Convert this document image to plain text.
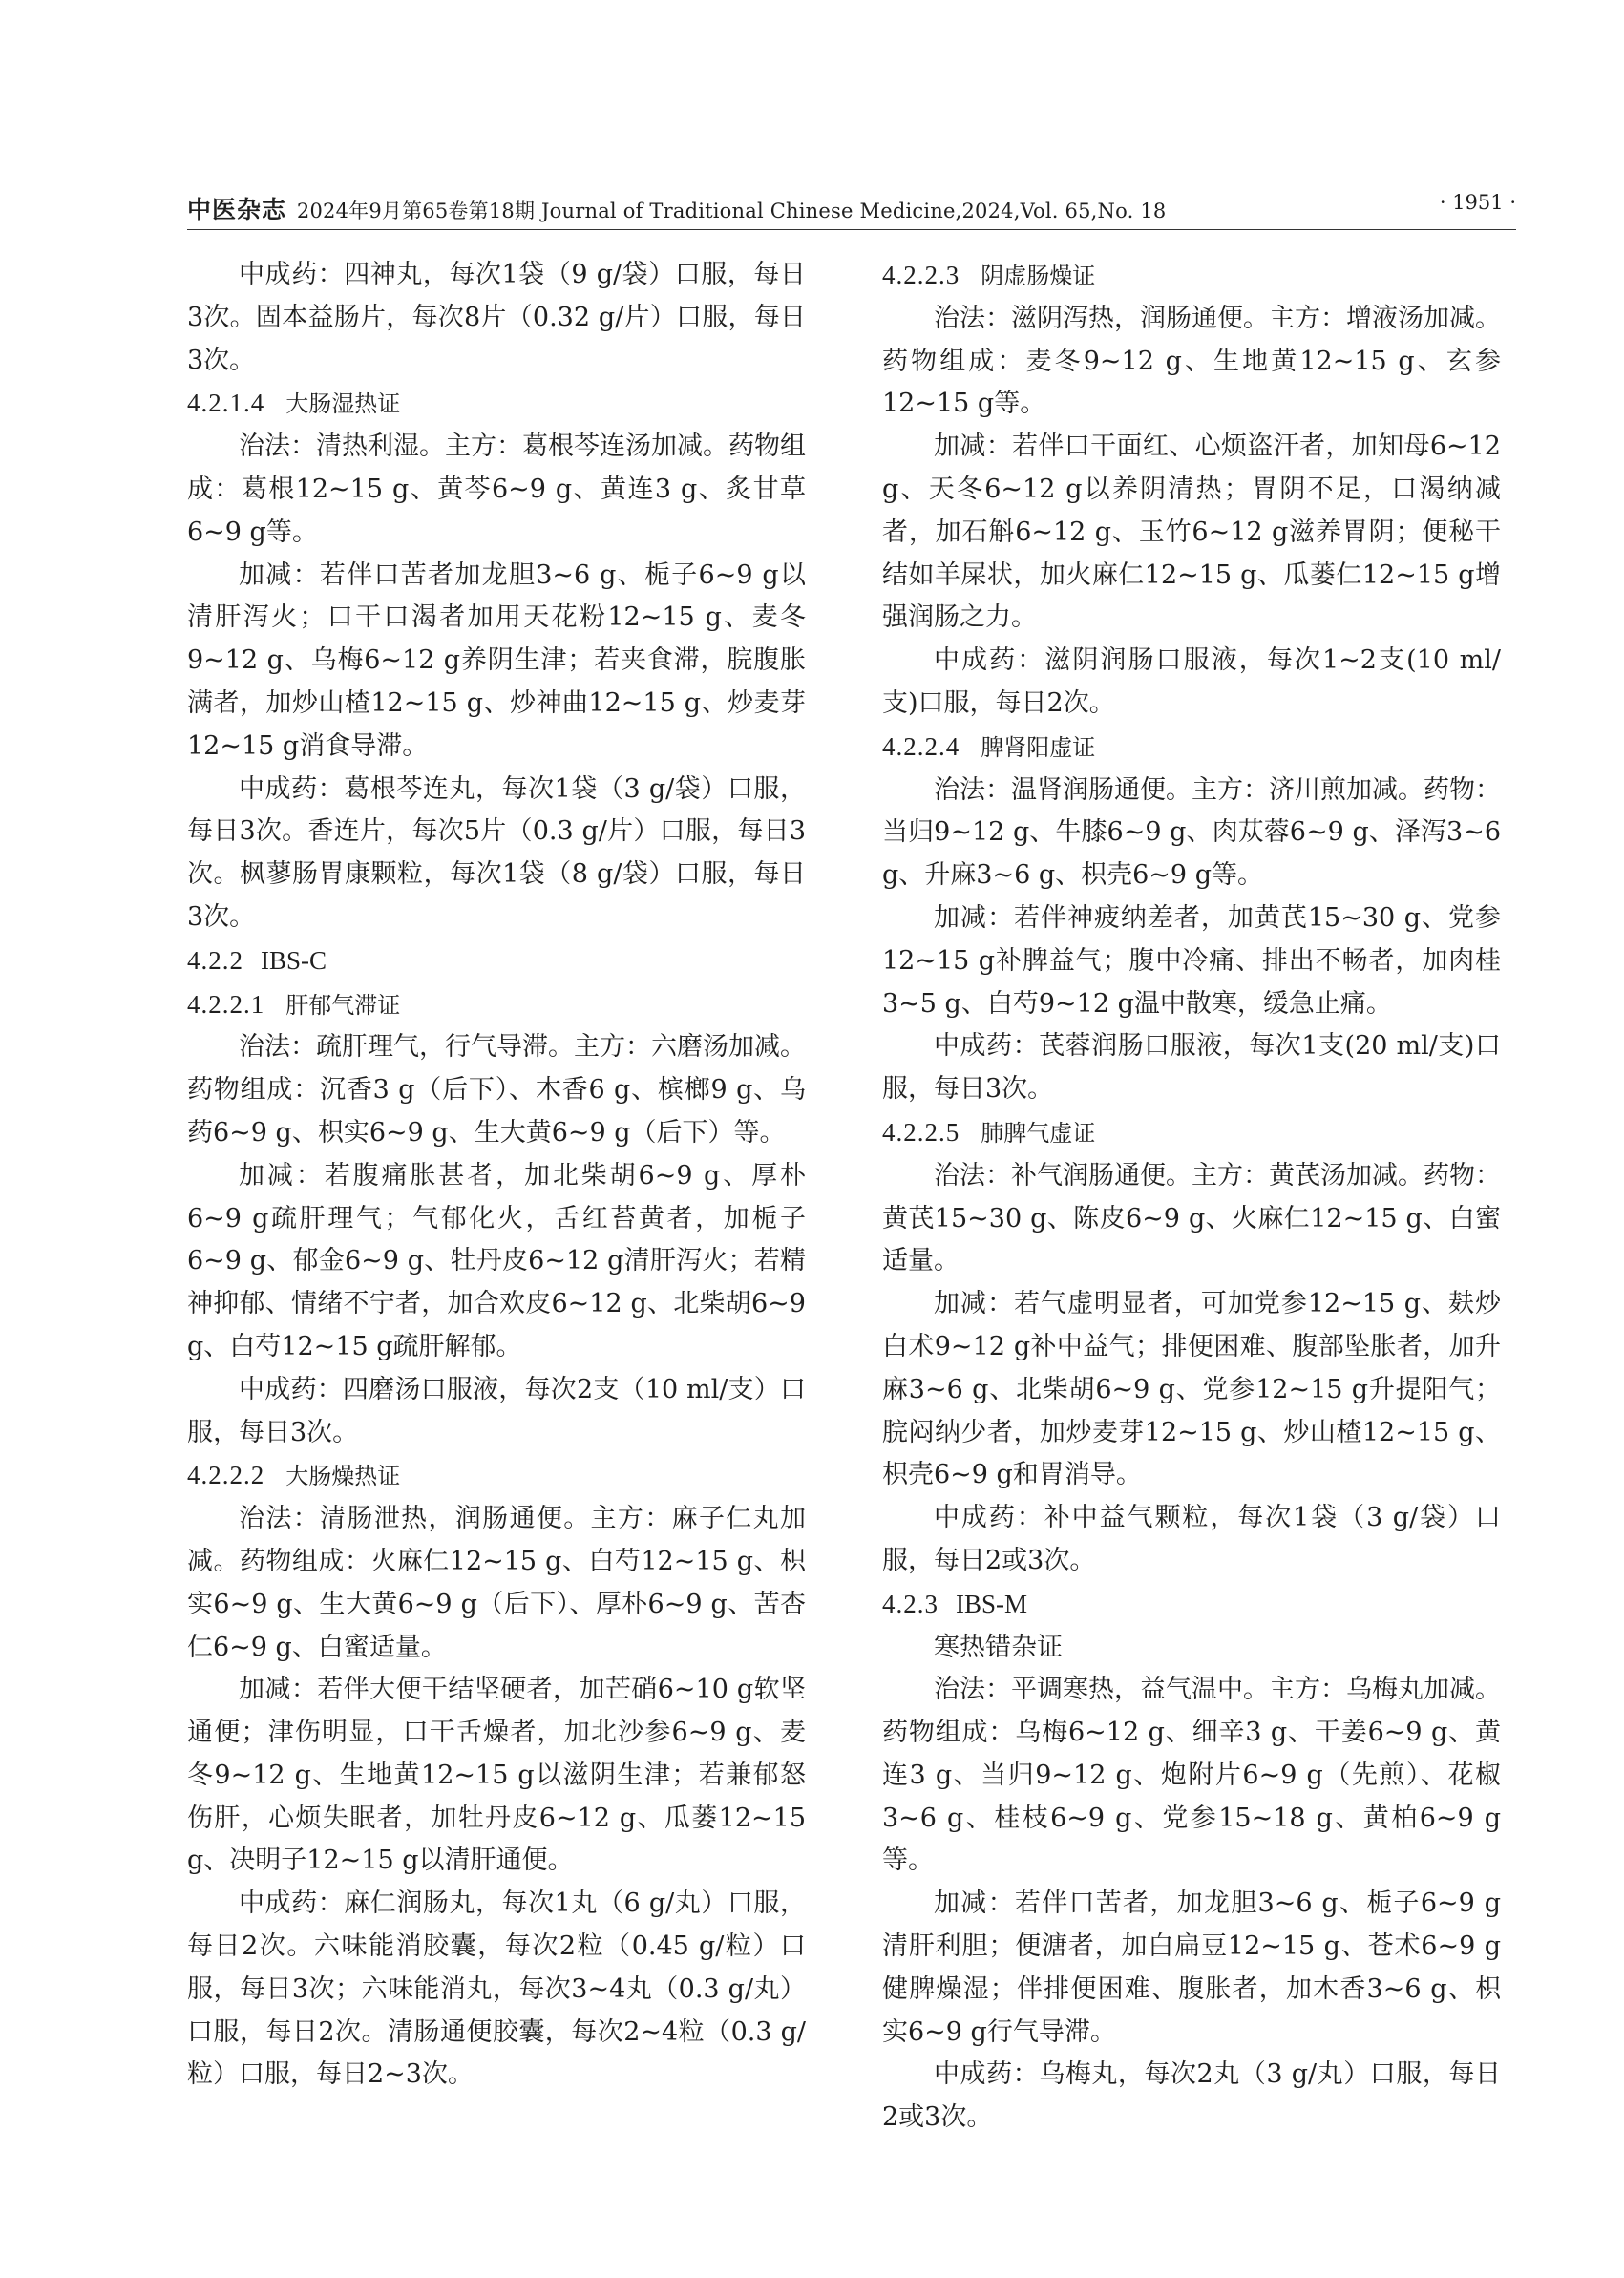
中医杂志 2024年9月第65卷第18期 Journal of Traditional Chinese Medicine,2024,Vol. 65,No. 18	· 1951 ·

中成药：四神丸，每次1袋（9 g/袋）口服，每日3次。固本益肠片，每次8片（0.32 g/片）口服，每日3次。

4.2.1.4 大肠湿热证

治法：清热利湿。主方：葛根芩连汤加减。药物组成：葛根12~15 g、黄芩6~9 g、黄连3 g、炙甘草6~9 g等。

加减：若伴口苦者加龙胆3~6 g、栀子6~9 g以清肝泻火；口干口渴者加用天花粉12~15 g、麦冬9~12 g、乌梅6~12 g养阴生津；若夹食滞，脘腹胀满者，加炒山楂12~15 g、炒神曲12~15 g、炒麦芽12~15 g消食导滞。

中成药：葛根芩连丸，每次1袋（3 g/袋）口服，每日3次。香连片，每次5片（0.3 g/片）口服，每日3次。枫蓼肠胃康颗粒，每次1袋（8 g/袋）口服，每日3次。

4.2.2 IBS-C
4.2.2.1 肝郁气滞证

治法：疏肝理气，行气导滞。主方：六磨汤加减。药物组成：沉香3 g（后下）、木香6 g、槟榔9 g、乌药6~9 g、枳实6~9 g、生大黄6~9 g（后下）等。

加减：若腹痛胀甚者，加北柴胡6~9 g、厚朴6~9 g疏肝理气；气郁化火，舌红苔黄者，加栀子6~9 g、郁金6~9 g、牡丹皮6~12 g清肝泻火；若精神抑郁、情绪不宁者，加合欢皮6~12 g、北柴胡6~9 g、白芍12~15 g疏肝解郁。

中成药：四磨汤口服液，每次2支（10 ml/支）口服，每日3次。

4.2.2.2 大肠燥热证

治法：清肠泄热，润肠通便。主方：麻子仁丸加减。药物组成：火麻仁12~15 g、白芍12~15 g、枳实6~9 g、生大黄6~9 g（后下）、厚朴6~9 g、苦杏仁6~9 g、白蜜适量。

加减：若伴大便干结坚硬者，加芒硝6~10 g软坚通便；津伤明显，口干舌燥者，加北沙参6~9 g、麦冬9~12 g、生地黄12~15 g以滋阴生津；若兼郁怒伤肝，心烦失眠者，加牡丹皮6~12 g、瓜蒌12~15 g、决明子12~15 g以清肝通便。

中成药：麻仁润肠丸，每次1丸（6 g/丸）口服，每日2次。六味能消胶囊，每次2粒（0.45 g/粒）口服，每日3次；六味能消丸，每次3~4丸（0.3 g/丸）口服，每日2次。清肠通便胶囊，每次2~4粒（0.3 g/粒）口服，每日2~3次。

4.2.2.3 阴虚肠燥证

治法：滋阴泻热，润肠通便。主方：增液汤加减。药物组成：麦冬9~12 g、生地黄12~15 g、玄参12~15 g等。

加减：若伴口干面红、心烦盗汗者，加知母6~12 g、天冬6~12 g以养阴清热；胃阴不足，口渴纳减者，加石斛6~12 g、玉竹6~12 g滋养胃阴；便秘干结如羊屎状，加火麻仁12~15 g、瓜蒌仁12~15 g增强润肠之力。

中成药：滋阴润肠口服液，每次1~2支(10 ml/支)口服，每日2次。

4.2.2.4 脾肾阳虚证

治法：温肾润肠通便。主方：济川煎加减。药物：当归9~12 g、牛膝6~9 g、肉苁蓉6~9 g、泽泻3~6 g、升麻3~6 g、枳壳6~9 g等。

加减：若伴神疲纳差者，加黄芪15~30 g、党参12~15 g补脾益气；腹中冷痛、排出不畅者，加肉桂3~5 g、白芍9~12 g温中散寒，缓急止痛。

中成药：芪蓉润肠口服液，每次1支(20 ml/支)口服，每日3次。

4.2.2.5 肺脾气虚证

治法：补气润肠通便。主方：黄芪汤加减。药物：黄芪15~30 g、陈皮6~9 g、火麻仁12~15 g、白蜜适量。

加减：若气虚明显者，可加党参12~15 g、麸炒白术9~12 g补中益气；排便困难、腹部坠胀者，加升麻3~6 g、北柴胡6~9 g、党参12~15 g升提阳气；脘闷纳少者，加炒麦芽12~15 g、炒山楂12~15 g、枳壳6~9 g和胃消导。

中成药：补中益气颗粒，每次1袋（3 g/袋）口服，每日2或3次。

4.2.3 IBS-M
寒热错杂证

治法：平调寒热，益气温中。主方：乌梅丸加减。药物组成：乌梅6~12 g、细辛3 g、干姜6~9 g、黄连3 g、当归9~12 g、炮附片6~9 g（先煎）、花椒3~6 g、桂枝6~9 g、党参15~18 g、黄柏6~9 g等。

加减：若伴口苦者，加龙胆3~6 g、栀子6~9 g清肝利胆；便溏者，加白扁豆12~15 g、苍术6~9 g健脾燥湿；伴排便困难、腹胀者，加木香3~6 g、枳实6~9 g行气导滞。

中成药：乌梅丸，每次2丸（3 g/丸）口服，每日2或3次。
